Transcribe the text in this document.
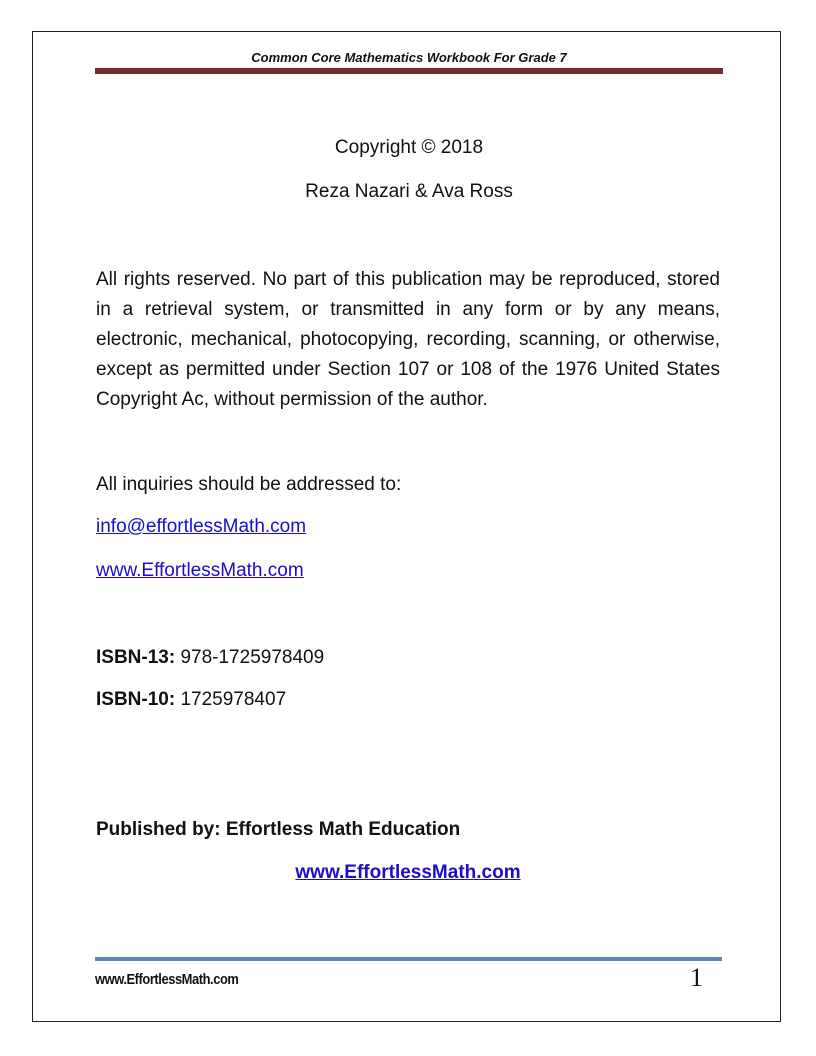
Common Core Mathematics Workbook For Grade 7
Copyright © 2018
Reza Nazari & Ava Ross

All rights reserved. No part of this publication may be reproduced, stored in a retrieval system, or transmitted in any form or by any means, electronic, mechanical, photocopying, recording, scanning, or otherwise, except as permitted under Section 107 or 108 of the 1976 United States Copyright Ac, without permission of the author.

All inquiries should be addressed to:
info@effortlessMath.com
www.EffortlessMath.com
ISBN-13: 978-1725978409
ISBN-10: 1725978407
Published by: Effortless Math Education
www.EffortlessMath.com
www.EffortlessMath.com	1
